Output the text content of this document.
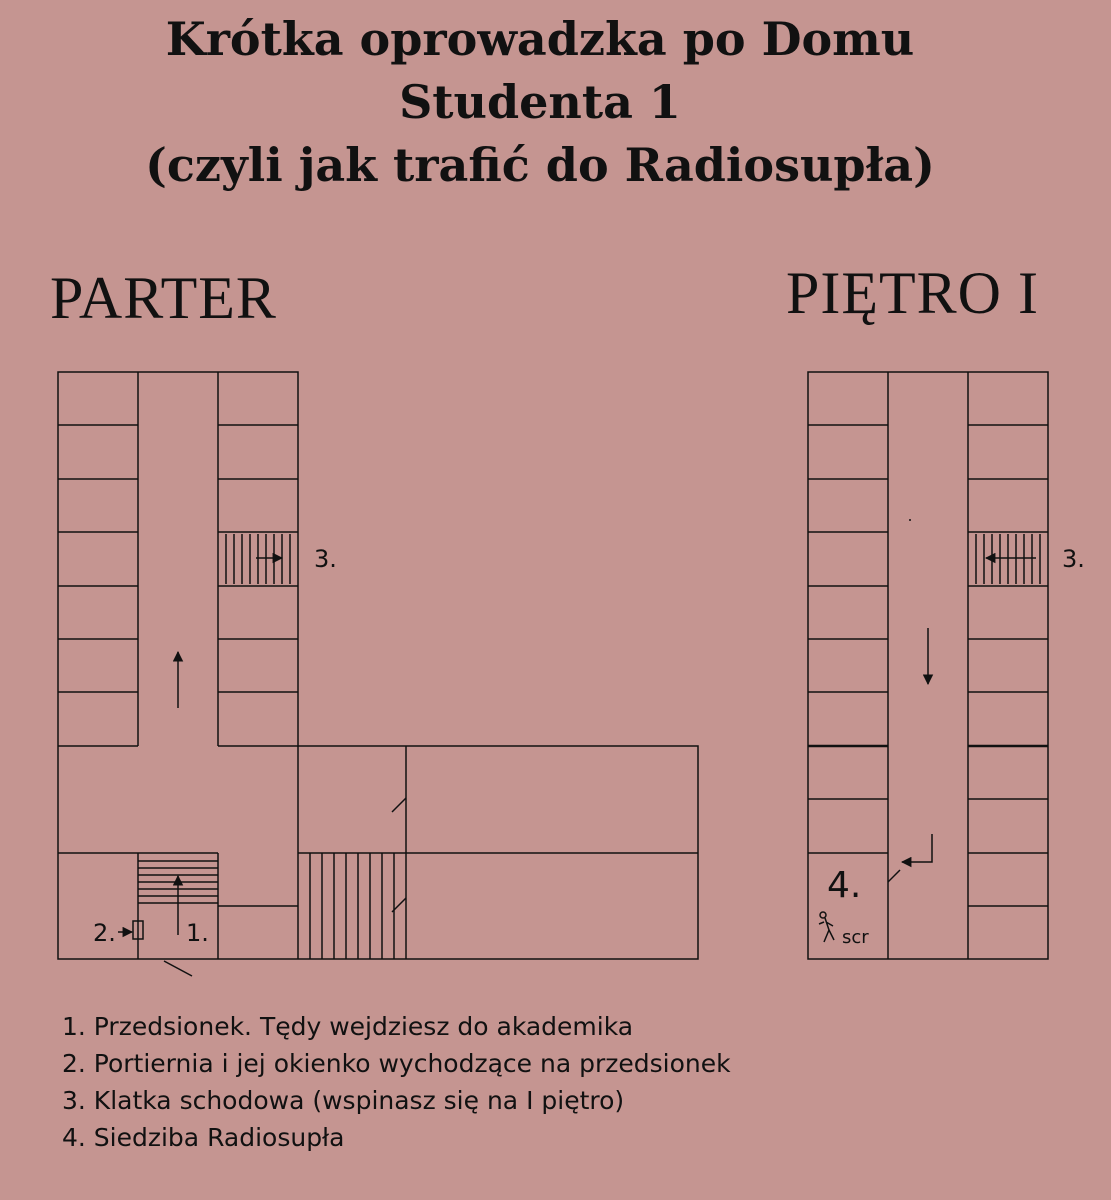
Krótka oprowadzka po Domu
Studenta 1
(czyli jak trafić do Radiosupła)
PARTER	PIĘTRO I
3.
2.	1.
3.
4.
scr
1. Przedsionek. Tędy wejdziesz do akademika
2. Portiernia i jej okienko wychodzące na przedsionek
3. Klatka schodowa (wspinasz się na I piętro)
4. Siedziba Radiosupła
